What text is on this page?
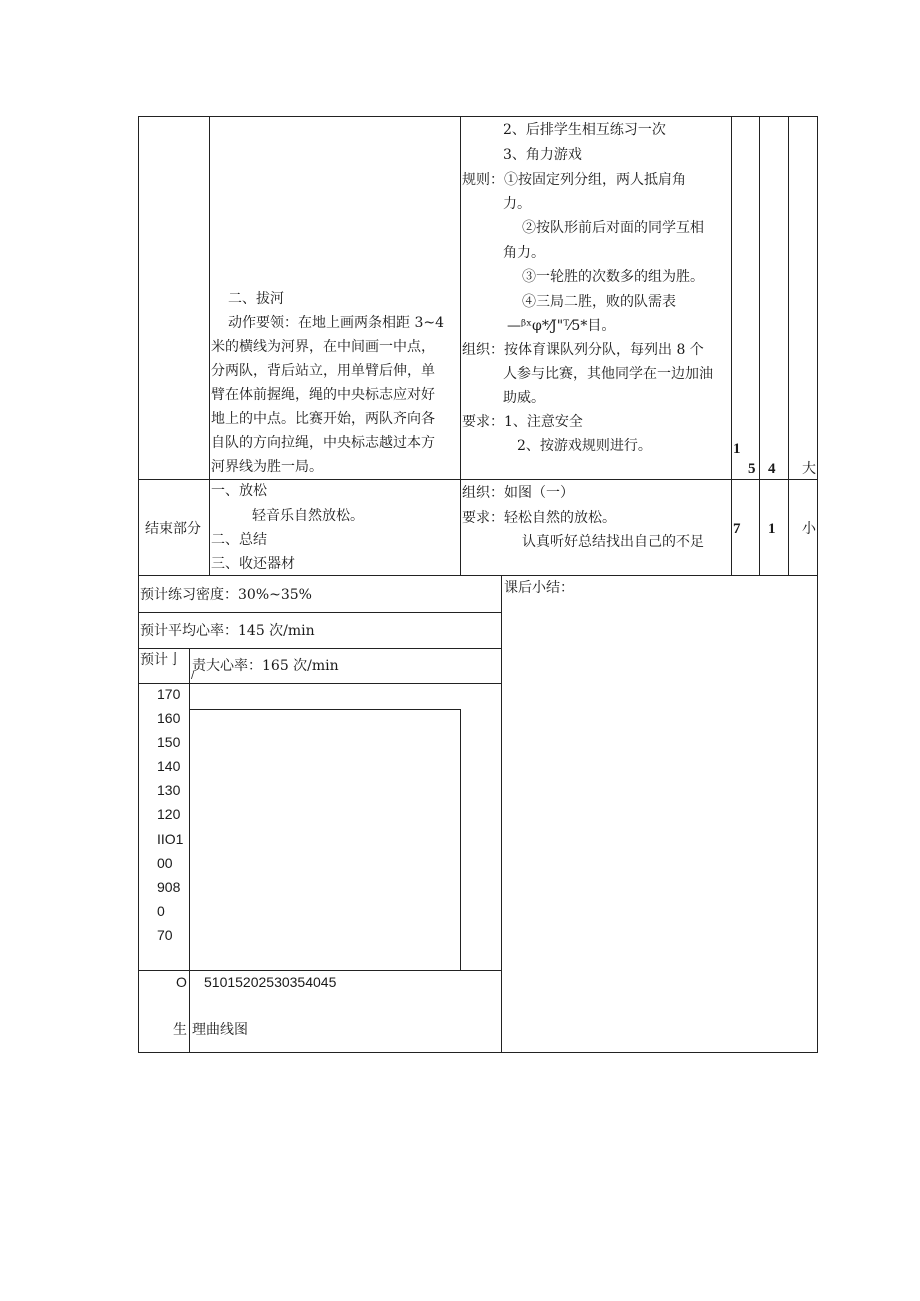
二、拔河
动作要领：在地上画两条相距 3~4
米的横线为河界，在中间画一中点，
分两队，背后站立，用单臂后伸，单
臂在体前握绳，绳的中央标志应对好
地上的中点。比赛开始，两队齐向各
自队的方向拉绳，中央标志越过本方
河界线为胜一局。
2、后排学生相互练习一次
3、角力游戏
规则：①按固定列分组，两人抵肩角
力。
②按队形前后对面的同学互相
角力。
③一轮胜的次数多的组为胜。
④三局二胜，败的队需表
—ᵝˣφ*⁄J"ᵀ⁄5*目。
组织：按体育课队列分队，每列出 8 个
人参与比赛，其他同学在一边加油
助威。
要求：1、注意安全
2、按游戏规则进行。	1
5 4 大
结束部分
一、放松
轻音乐自然放松。
二、总结
三、收还器材
组织：如图（一）
要求：轻松自然的放松。
认真听好总结找出自己的不足
7 1 小
预计练习密度：30%~35%
预计平均心率：145 次/min
预计亅 责大心率：165 次/min
/
课后小结：
170
160
150
140
130
120
IIO1
00
908
0
70
O 51015202530354045
生 理曲线图
